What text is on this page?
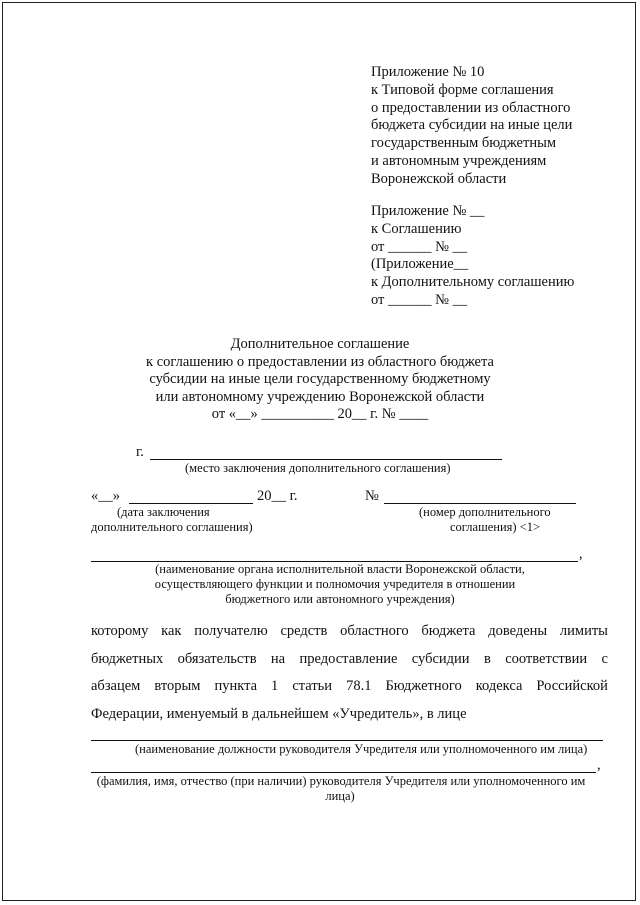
Приложение № 10
к Типовой форме соглашения
о предоставлении из областного
бюджета субсидии на иные цели
государственным бюджетным
и автономным учреждениям
Воронежской области
Приложение № __
к Соглашению
от ______ № __
(Приложение__
к Дополнительному соглашению
от ______ № __
Дополнительное соглашение
к соглашению о предоставлении из областного бюджета
субсидии на иные цели государственному бюджетному
или автономному учреждению Воронежской области
от «__» __________ 20__ г. № ____
г.
(место заключения дополнительного соглашения)
«__»	20__ г.	№
(дата заключения
дополнительного соглашения)
(номер дополнительного
соглашения) <1>
,
(наименование органа исполнительной власти Воронежской области,
осуществляющего функции и полномочия учредителя в отношении
бюджетного или автономного учреждения)
которому как получателю средств областного бюджета доведены лимиты
бюджетных обязательств на предоставление субсидии в соответствии с
абзацем вторым пункта 1 статьи 78.1 Бюджетного кодекса Российской
Федерации, именуемый в дальнейшем «Учредитель», в лице
(наименование должности руководителя Учредителя или уполномоченного им лица)
,
(фамилия, имя, отчество (при наличии) руководителя Учредителя или уполномоченного им
лица)
